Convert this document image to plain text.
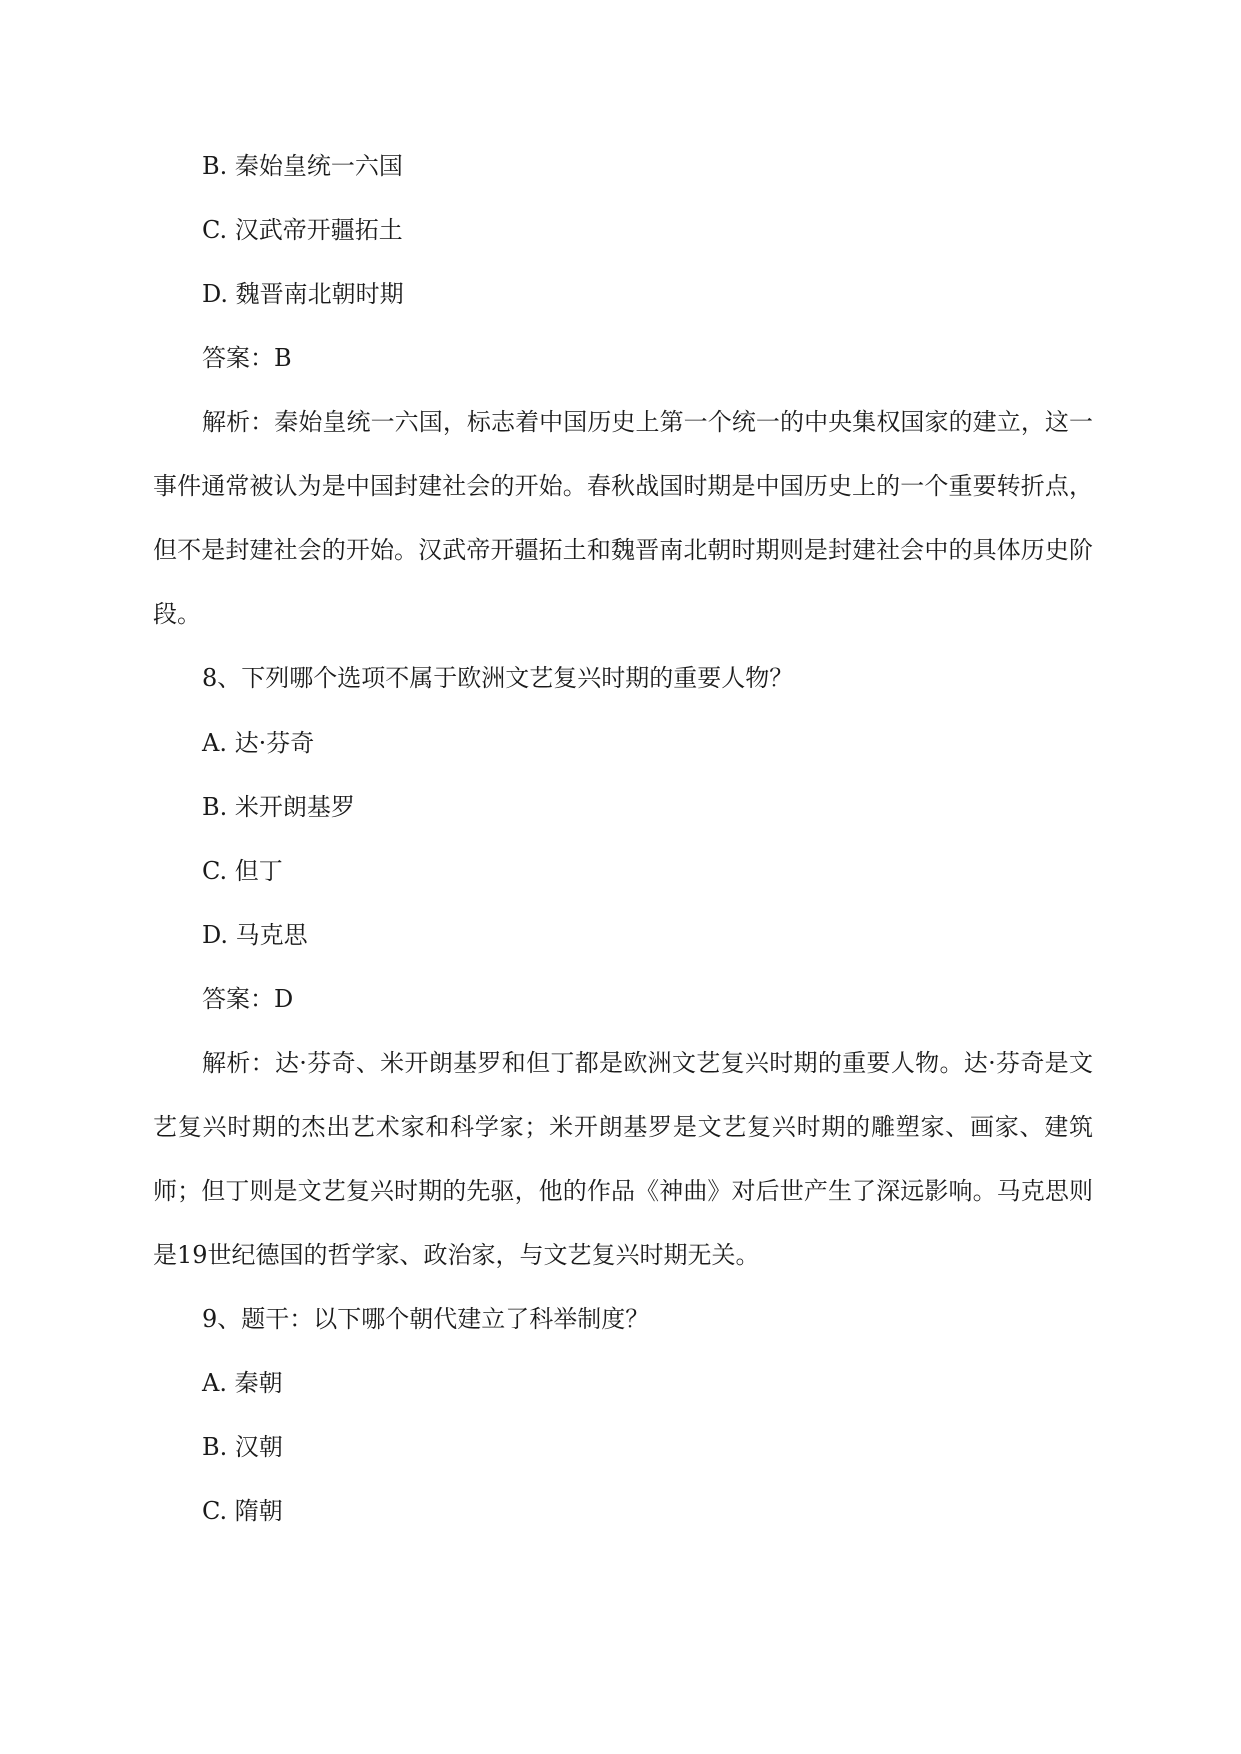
B. 秦始皇统一六国
C. 汉武帝开疆拓土
D. 魏晋南北朝时期
答案：B
解析：秦始皇统一六国，标志着中国历史上第一个统一的中央集权国家的建立，这一事件通常被认为是中国封建社会的开始。春秋战国时期是中国历史上的一个重要转折点，但不是封建社会的开始。汉武帝开疆拓土和魏晋南北朝时期则是封建社会中的具体历史阶段。
8、下列哪个选项不属于欧洲文艺复兴时期的重要人物？
A. 达·芬奇
B. 米开朗基罗
C. 但丁
D. 马克思
答案：D
解析：达·芬奇、米开朗基罗和但丁都是欧洲文艺复兴时期的重要人物。达·芬奇是文艺复兴时期的杰出艺术家和科学家；米开朗基罗是文艺复兴时期的雕塑家、画家、建筑师；但丁则是文艺复兴时期的先驱，他的作品《神曲》对后世产生了深远影响。马克思则是19世纪德国的哲学家、政治家，与文艺复兴时期无关。
9、题干：以下哪个朝代建立了科举制度？
A. 秦朝
B. 汉朝
C. 隋朝
